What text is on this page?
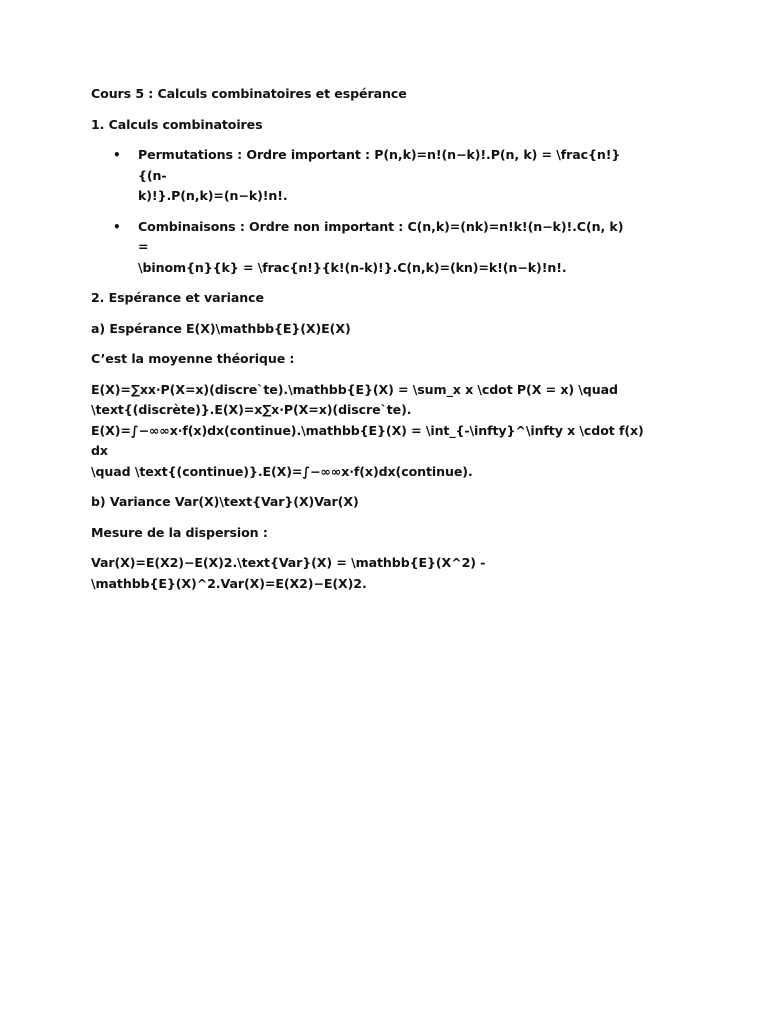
Cours 5 : Calculs combinatoires et espérance

1. Calculs combinatoires

• Permutations : Ordre important : P(n,k)=n!(n−k)!.P(n, k) = \frac{n!}{(n-
k)!}.P(n,k)=(n−k)!n!.
• Combinaisons : Ordre non important : C(n,k)=(nk)=n!k!(n−k)!.C(n, k) =
\binom{n}{k} = \frac{n!}{k!(n-k)!}.C(n,k)=(kn)=k!(n−k)!n!.

2. Espérance et variance

a) Espérance E(X)\mathbb{E}(X)E(X)

C’est la moyenne théorique :

E(X)=∑xx⋅P(X=x)(discre`te).\mathbb{E}(X) = \sum_x x \cdot P(X = x) \quad
\text{(discrète)}.E(X)=x∑x⋅P(X=x)(discre`te).
E(X)=∫−∞∞x⋅f(x)dx(continue).\mathbb{E}(X) = \int_{-\infty}^\infty x \cdot f(x) dx
\quad \text{(continue)}.E(X)=∫−∞∞x⋅f(x)dx(continue).

b) Variance Var(X)\text{Var}(X)Var(X)

Mesure de la dispersion :

Var(X)=E(X2)−E(X)2.\text{Var}(X) = \mathbb{E}(X^2) -
\mathbb{E}(X)^2.Var(X)=E(X2)−E(X)2.
